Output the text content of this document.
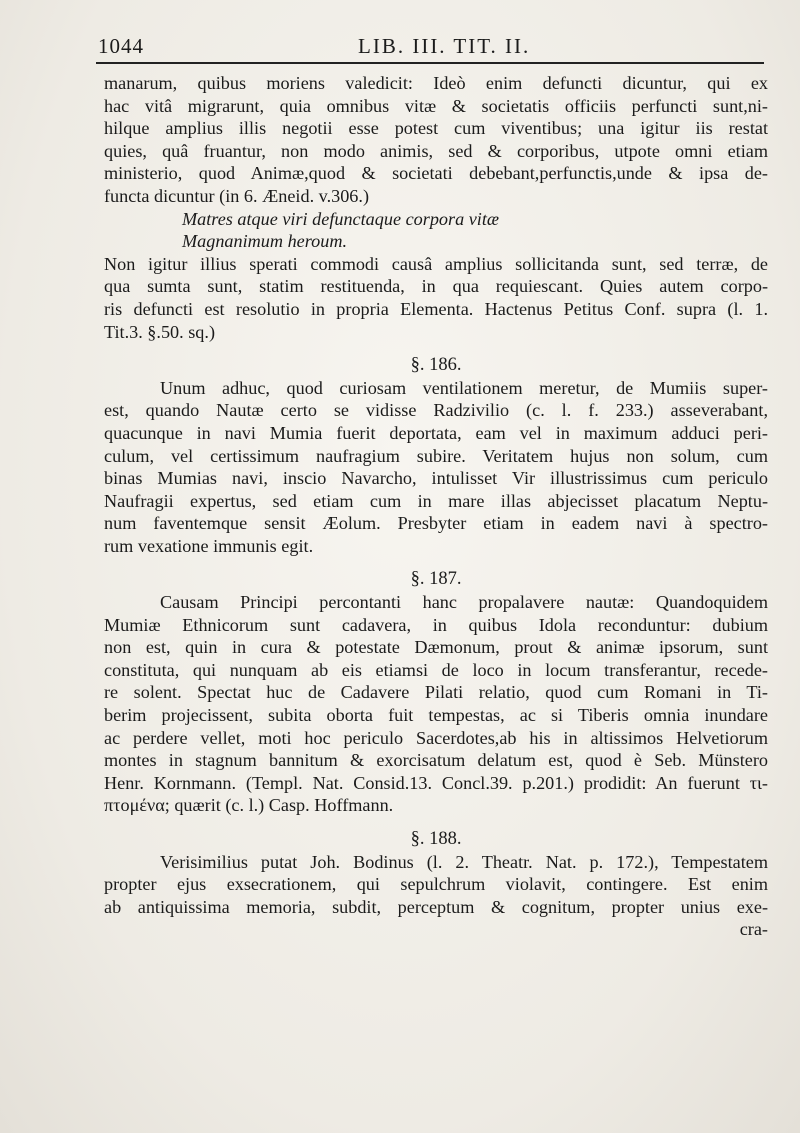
1044	LIB. III. TIT. II.
manarum, quibus moriens valedicit: Ideò enim defuncti dicuntur, qui ex
hac vitâ migrarunt, quia omnibus vitæ & societatis officiis perfuncti sunt,ni-
hilque amplius illis negotii esse potest cum viventibus; una igitur iis restat
quies, quâ fruantur, non modo animis, sed & corporibus, utpote omni etiam
ministerio, quod Animæ,quod & societati debebant,perfunctis,unde & ipsa de-
functa dicuntur (in 6. Æneid. v.306.)
Matres atque viri defunctaque corpora vitæ
Magnanimum heroum.
Non igitur illius sperati commodi causâ amplius sollicitanda sunt, sed terræ, de
qua sumta sunt, statim restituenda, in qua requiescant. Quies autem corpo-
ris defuncti est resolutio in propria Elementa. Hactenus Petitus Conf. supra (l. 1.
Tit.3. §.50. sq.)
§. 186.
Unum adhuc, quod curiosam ventilationem meretur, de Mumiis super-
est, quando Nautæ certo se vidisse Radzivilio (c. l. f. 233.) asseverabant,
quacunque in navi Mumia fuerit deportata, eam vel in maximum adduci peri-
culum, vel certissimum naufragium subire. Veritatem hujus non solum, cum
binas Mumias navi, inscio Navarcho, intulisset Vir illustrissimus cum periculo
Naufragii expertus, sed etiam cum in mare illas abjecisset placatum Neptu-
num faventemque sensit Æolum. Presbyter etiam in eadem navi à spectro-
rum vexatione immunis egit.
§. 187.
Causam Principi percontanti hanc propalavere nautæ: Quandoquidem
Mumiæ Ethnicorum sunt cadavera, in quibus Idola reconduntur: dubium
non est, quin in cura & potestate Dæmonum, prout & animæ ipsorum, sunt
constituta, qui nunquam ab eis etiamsi de loco in locum transferantur, recede-
re solent. Spectat huc de Cadavere Pilati relatio, quod cum Romani in Ti-
berim projecissent, subita oborta fuit tempestas, ac si Tiberis omnia inundare
ac perdere vellet, moti hoc periculo Sacerdotes,ab his in altissimos Helvetiorum
montes in stagnum bannitum & exorcisatum delatum est, quod è Seb. Münstero
Henr. Kornmann. (Templ. Nat. Consid.13. Concl.39. p.201.) prodidit: An fuerunt τι-
πτομένα; quærit (c. l.) Casp. Hoffmann.
§. 188.
Verisimilius putat Joh. Bodinus (l. 2. Theatr. Nat. p. 172.), Tempestatem
propter ejus exsecrationem, qui sepulchrum violavit, contingere. Est enim
ab antiquissima memoria, subdit, perceptum & cognitum, propter unius exe-
cra-
